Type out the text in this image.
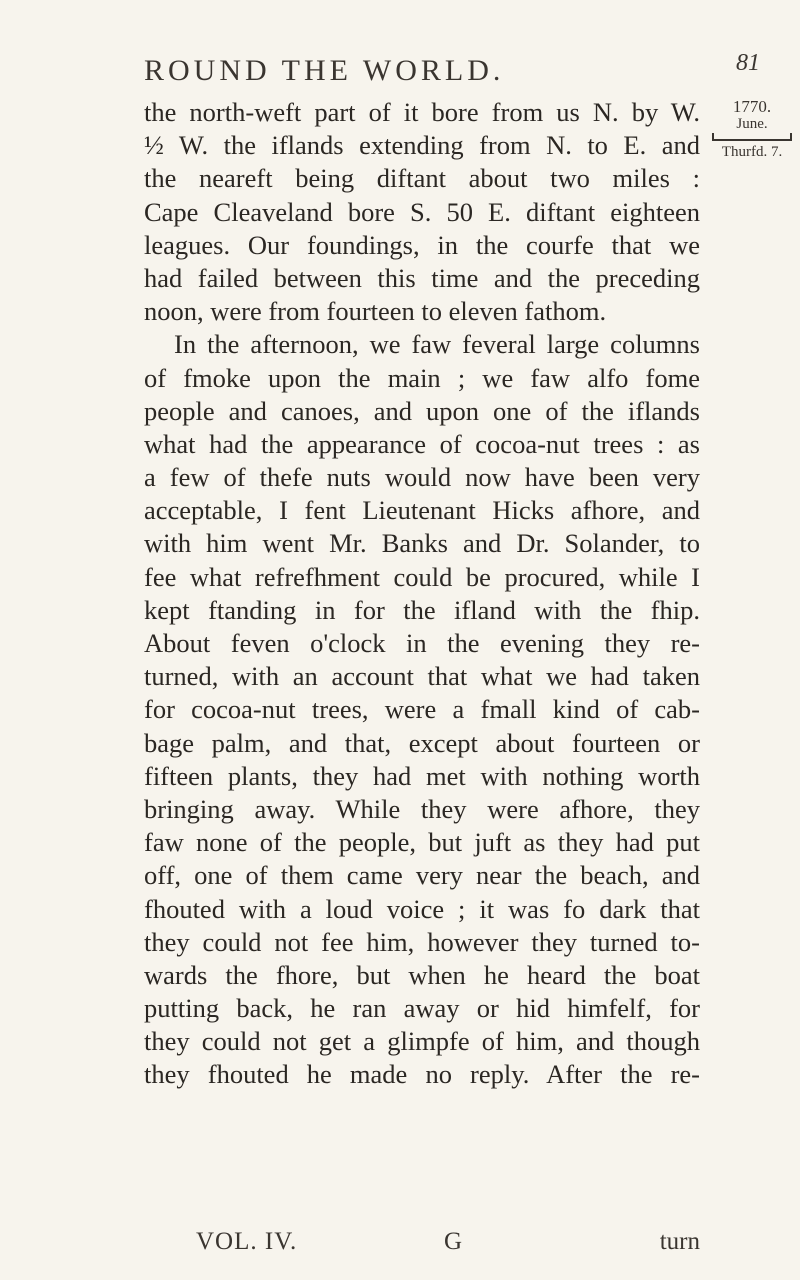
ROUND THE WORLD.	81
1770.
June.
Thurfd. 7.
the north-weft part of it bore from us N. by W.
½ W. the iflands extending from N. to E. and
the neareft being diftant about two miles :
Cape Cleaveland bore S. 50 E. diftant eighteen
leagues. Our foundings, in the courfe that we
had failed between this time and the preceding
noon, were from fourteen to eleven fathom.
In the afternoon, we faw feveral large columns
of fmoke upon the main ; we faw alfo fome
people and canoes, and upon one of the iflands
what had the appearance of cocoa-nut trees : as
a few of thefe nuts would now have been very
acceptable, I fent Lieutenant Hicks afhore, and
with him went Mr. Banks and Dr. Solander, to
fee what refrefhment could be procured, while I
kept ftanding in for the ifland with the fhip.
About feven o'clock in the evening they re-
turned, with an account that what we had taken
for cocoa-nut trees, were a fmall kind of cab-
bage palm, and that, except about fourteen or
fifteen plants, they had met with nothing worth
bringing away. While they were afhore, they
faw none of the people, but juft as they had put
off, one of them came very near the beach, and
fhouted with a loud voice ; it was fo dark that
they could not fee him, however they turned to-
wards the fhore, but when he heard the boat
putting back, he ran away or hid himfelf, for
they could not get a glimpfe of him, and though
they fhouted he made no reply. After the re-
VOL. IV.	G	turn
